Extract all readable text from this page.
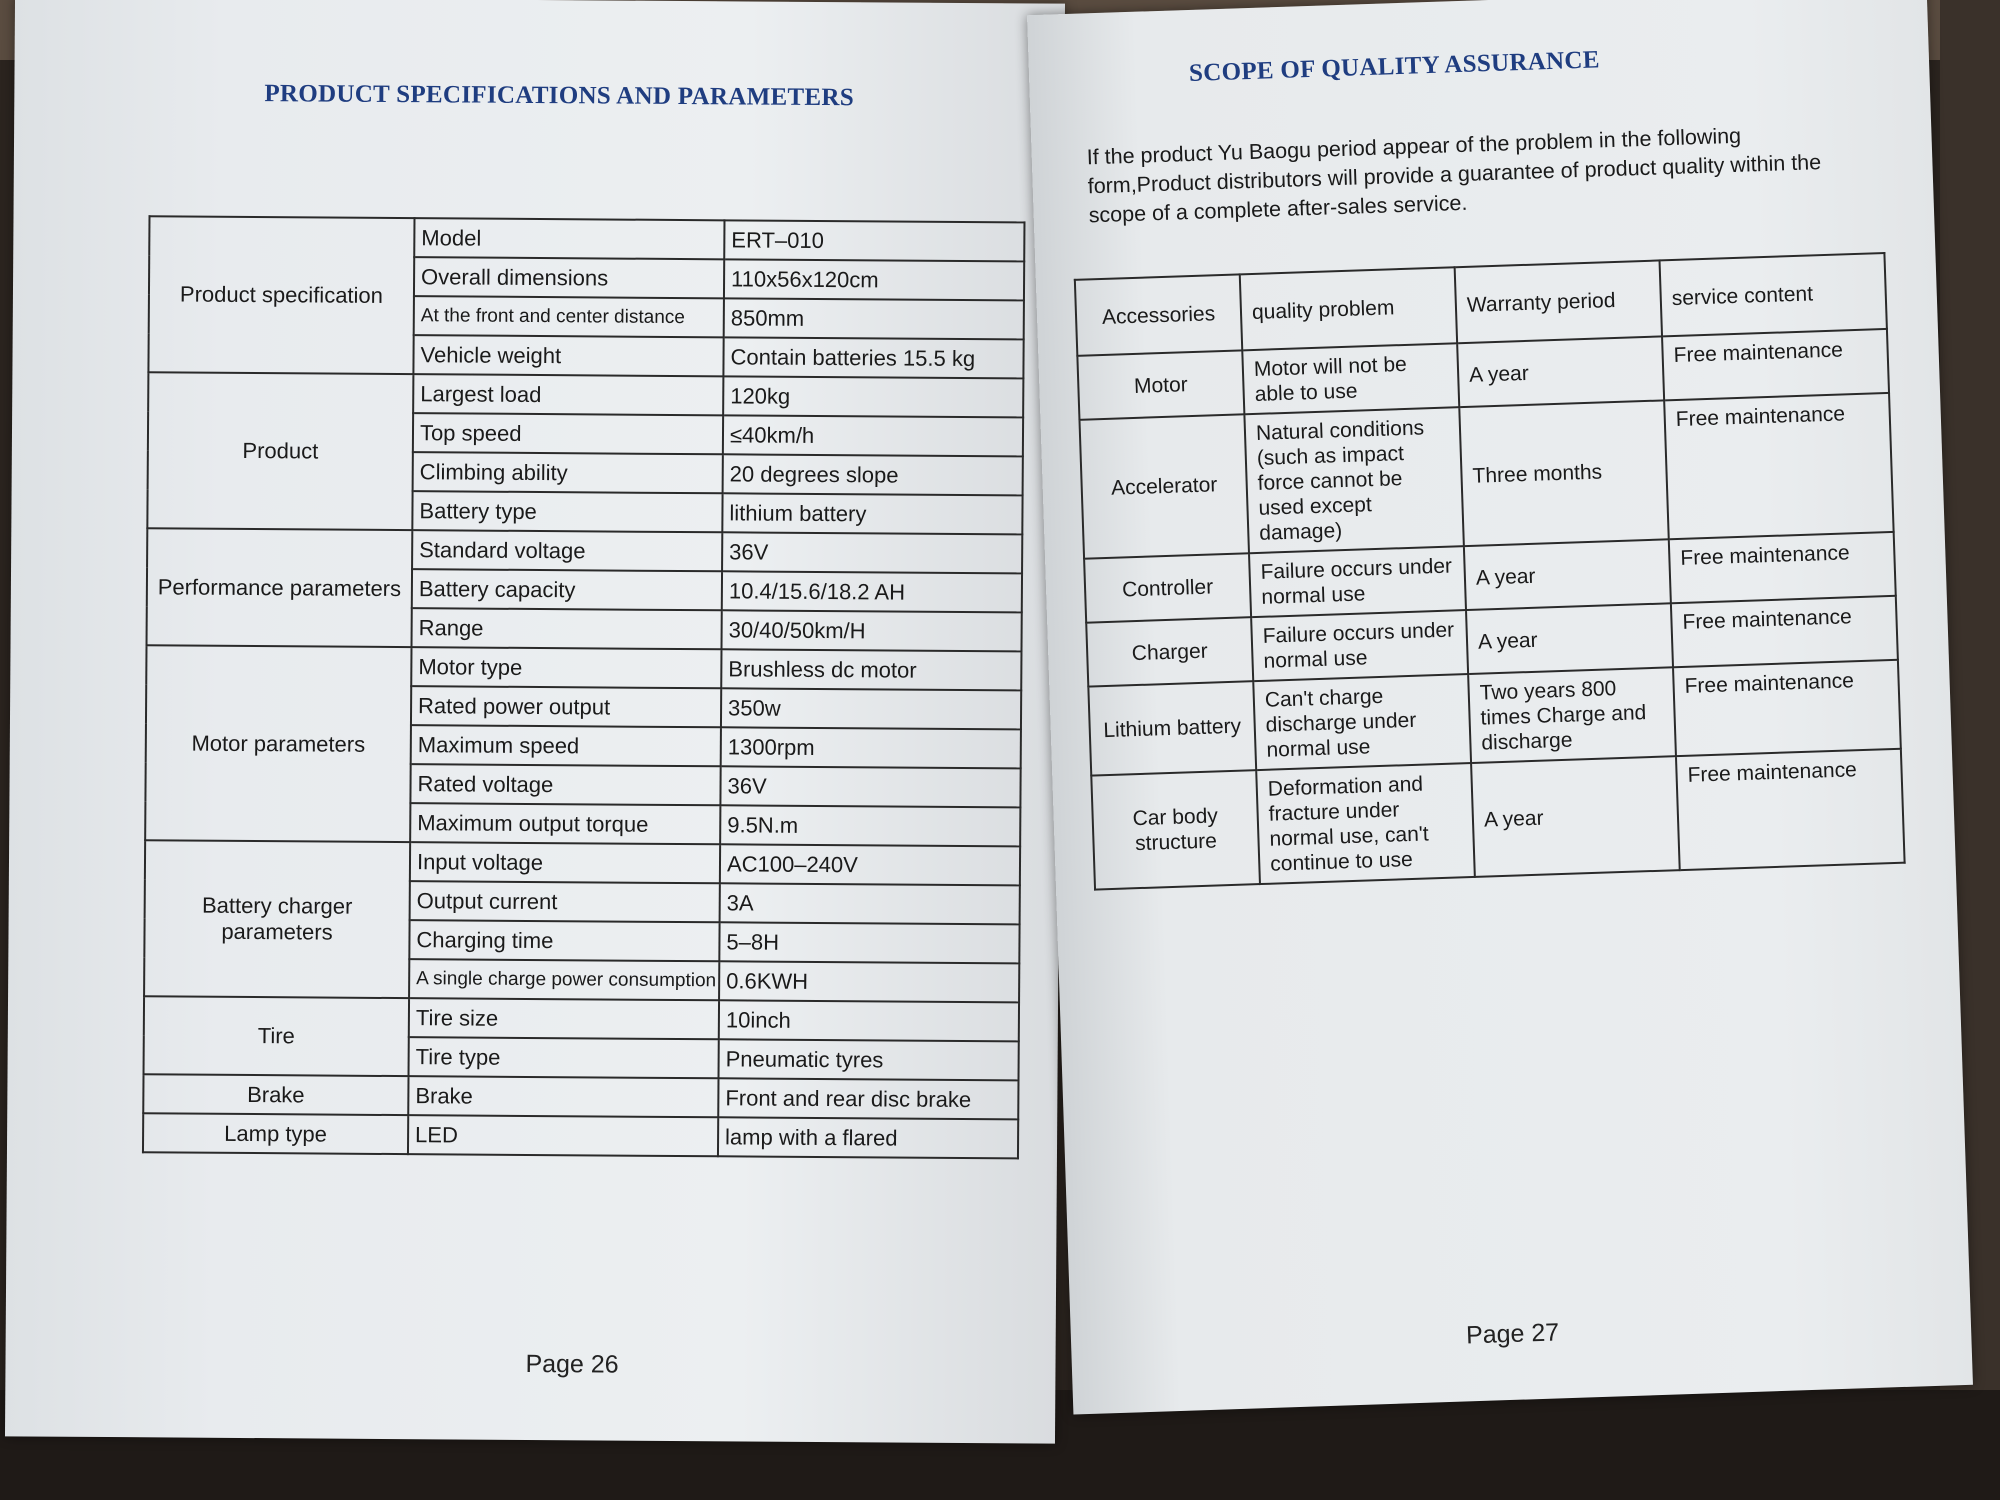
PRODUCT SPECIFICATIONS AND PARAMETERS
Product specification	Model	ERT–010
	Overall dimensions	110x56x120cm
	At the front and center distance	850mm
	Vehicle weight	Contain batteries 15.5 kg
Product	Largest load	120kg
	Top speed	≤40km/h
	Climbing ability	20 degrees slope
	Battery type	lithium battery
Performance parameters	Standard voltage	36V
	Battery capacity	10.4/15.6/18.2 AH
	Range	30/40/50km/H
Motor parameters	Motor type	Brushless dc motor
	Rated power output	350w
	Maximum speed	1300rpm
	Rated voltage	36V
	Maximum output torque	9.5N.m
Battery charger parameters	Input voltage	AC100–240V
	Output current	3A
	Charging time	5–8H
	A single charge power consumption	0.6KWH
Tire	Tire size	10inch
	Tire type	Pneumatic tyres
Brake	Brake	Front and rear disc brake
Lamp type	LED	lamp with a flared
Page 26
SCOPE OF QUALITY ASSURANCE

If the product Yu Baogu period appear of the problem in the following form,Product distributors will provide a guarantee of product quality within the scope of a complete after-sales service.

Accessories	quality problem	Warranty period	service content
Motor	Motor will not be able to use	A year	Free maintenance
Accelerator	Natural conditions (such as impact force cannot be used except damage)	Three months	Free maintenance
Controller	Failure occurs under normal use	A year	Free maintenance
Charger	Failure occurs under normal use	A year	Free maintenance
Lithium battery	Can't charge discharge under normal use	Two years 800 times Charge and discharge	Free maintenance
Car body structure	Deformation and fracture under normal use, can't continue to use	A year	Free maintenance
Page 27
